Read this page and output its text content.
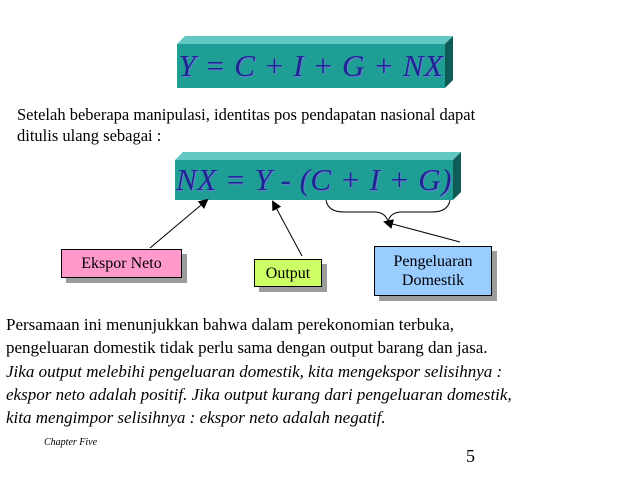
Y = C + I + G + NX
Setelah beberapa manipulasi, identitas pos pendapatan nasional dapat
ditulis ulang sebagai :
NX = Y - (C + I + G)
Ekspor Neto
Output
Pengeluaran
Domestik
Persamaan ini menunjukkan bahwa dalam perekonomian terbuka,
pengeluaran domestik tidak perlu sama dengan output barang dan jasa.
Jika output melebihi pengeluaran domestik, kita mengekspor selisihnya :
ekspor neto adalah positif. Jika output kurang dari pengeluaran domestik,
kita mengimpor selisihnya : ekspor neto adalah negatif.
Chapter Five
5
